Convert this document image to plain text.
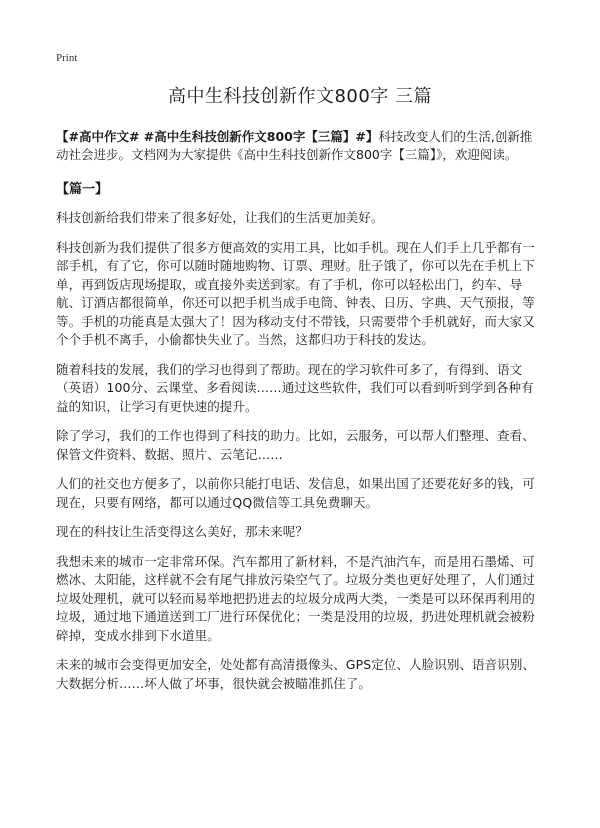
Print
高中生科技创新作文800字 三篇

【#高中作文# #高中生科技创新作文800字【三篇】#】科技改变人们的生活,创新推动社会进步。文档网为大家提供《高中生科技创新作文800字【三篇】》，欢迎阅读。

【篇一】

科技创新给我们带来了很多好处，让我们的生活更加美好。

科技创新为我们提供了很多方便高效的实用工具，比如手机。现在人们手上几乎都有一部手机，有了它，你可以随时随地购物、订票、理财。肚子饿了，你可以先在手机上下单，再到饭店现场提取，或直接外卖送到家。有了手机，你可以轻松出门，约车、导航、订酒店都很简单，你还可以把手机当成手电筒、钟表、日历、字典、天气预报，等等。手机的功能真是太强大了！因为移动支付不带钱，只需要带个手机就好，而大家又个个手机不离手，小偷都快失业了。当然，这都归功于科技的发达。

随着科技的发展，我们的学习也得到了帮助。现在的学习软件可多了，有得到、语文（英语）100分、云课堂、多看阅读……通过这些软件，我们可以看到听到学到各种有益的知识，让学习有更快速的提升。

除了学习，我们的工作也得到了科技的助力。比如，云服务，可以帮人们整理、查看、保管文件资料、数据、照片、云笔记……

人们的社交也方便多了，以前你只能打电话、发信息，如果出国了还要花好多的钱，可现在，只要有网络，都可以通过QQ微信等工具免费聊天。

现在的科技让生活变得这么美好，那未来呢？

我想未来的城市一定非常环保。汽车都用了新材料，不是汽油汽车，而是用石墨烯、可燃冰、太阳能，这样就不会有尾气排放污染空气了。垃圾分类也更好处理了，人们通过垃圾处理机，就可以轻而易举地把扔进去的垃圾分成两大类，一类是可以环保再利用的垃圾，通过地下通道送到工厂进行环保优化；一类是没用的垃圾，扔进处理机就会被粉碎掉，变成水排到下水道里。

未来的城市会变得更加安全，处处都有高清摄像头、GPS定位、人脸识别、语音识别、大数据分析……坏人做了坏事，很快就会被瞄准抓住了。
